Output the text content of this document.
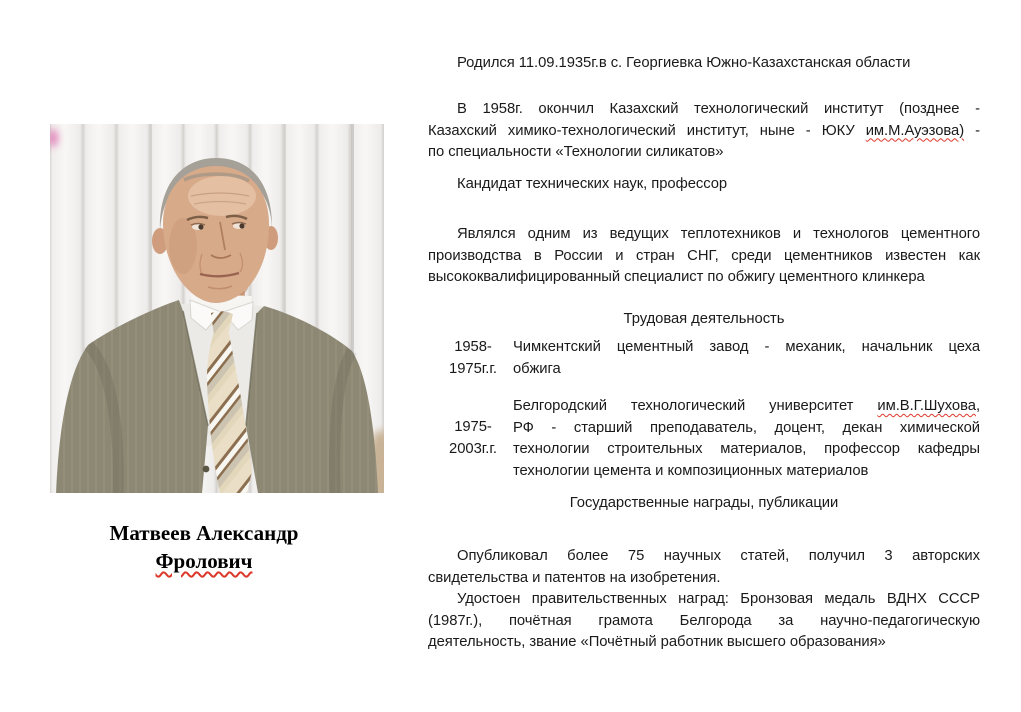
Матвеев Александр
Фролович
Родился 11.09.1935г.в с. Георгиевка Южно-Казахстанская области
В 1958г. окончил Казахский технологический институт (позднее -
Казахский химико-технологический институт, ныне - ЮКУ им.М.Ауэзова) -
по специальности «Технологии силикатов»
Кандидат технических наук, профессор
Являлся одним из ведущих теплотехников и технологов цементного
производства в России и стран СНГ, среди цементников известен как
высококвалифицированный специалист по обжигу цементного клинкера
Трудовая деятельность
1958-
1975г.г.
Чимкентский цементный завод - механик, начальник цеха
обжига
1975-
2003г.г.
Белгородский технологический университет им.В.Г.Шухова,
РФ - старший преподаватель, доцент, декан химической
технологии строительных материалов, профессор кафедры
технологии цемента и композиционных материалов
Государственные награды, публикации
Опубликовал более 75 научных статей, получил 3 авторских
свидетельства и патентов на изобретения.
Удостоен правительственных наград: Бронзовая медаль ВДНХ СССР
(1987г.), почётная грамота Белгорода за научно-педагогическую
деятельность, звание «Почётный работник высшего образования»
